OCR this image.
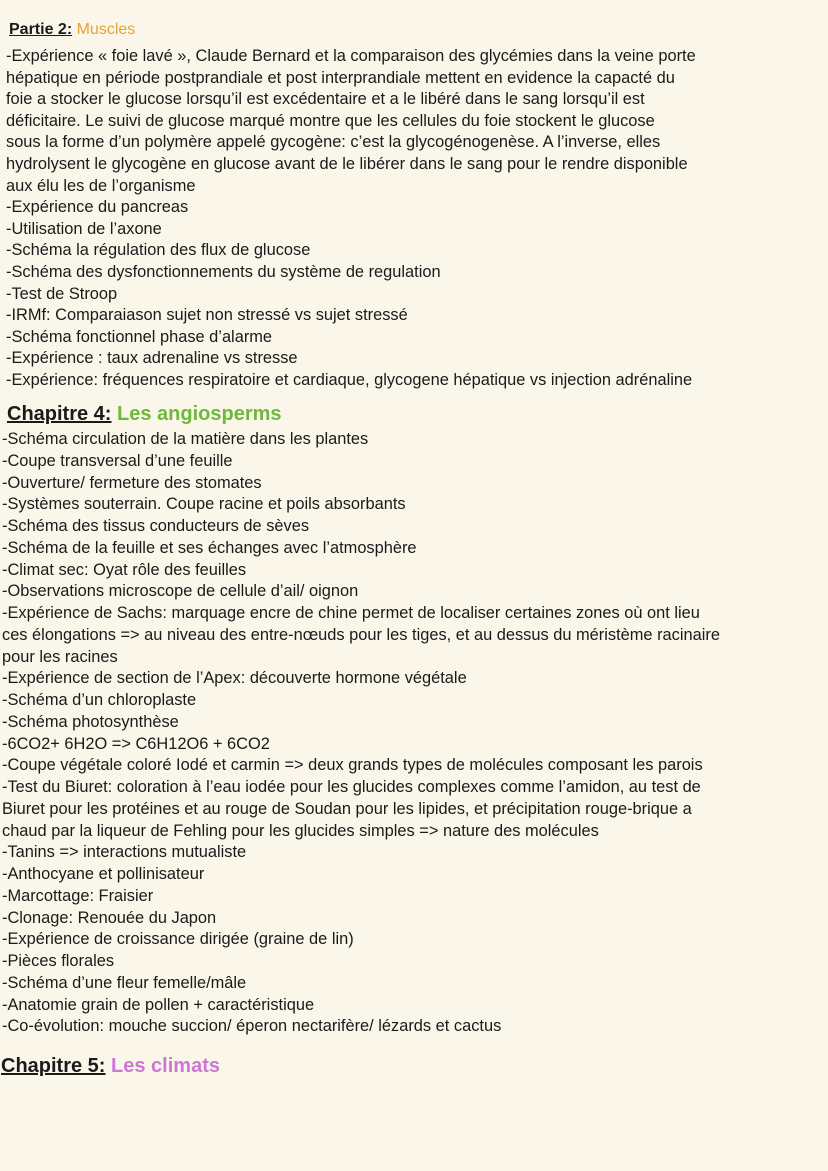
Partie 2: Muscles
-Expérience « foie lavé », Claude Bernard et la comparaison des glycémies dans la veine porte
hépatique en période postprandiale et post interprandiale mettent en evidence la capacté du
foie a stocker le glucose lorsqu’il est excédentaire et a le libéré dans le sang lorsqu’il est
déficitaire. Le suivi de glucose marqué montre que les cellules du foie stockent le glucose
sous la forme d’un polymère appelé gycogène: c’est la glycogénogenèse. A l’inverse, elles
hydrolysent le glycogène en glucose avant de le libérer dans le sang pour le rendre disponible
aux élu les de l’organisme
-Expérience du pancreas
-Utilisation de l’axone
-Schéma la régulation des flux de glucose
-Schéma des dysfonctionnements du système de regulation
-Test de Stroop
-IRMf: Comparaiason sujet non stressé vs sujet stressé
-Schéma fonctionnel phase d’alarme
-Expérience : taux adrenaline vs stresse
-Expérience: fréquences respiratoire et cardiaque, glycogene hépatique vs injection adrénaline
Chapitre 4: Les angiosperms
-Schéma circulation de la matière dans les plantes
-Coupe transversal d’une feuille
-Ouverture/ fermeture des stomates
-Systèmes souterrain. Coupe racine et poils absorbants
-Schéma des tissus conducteurs de sèves
-Schéma de la feuille et ses échanges avec l’atmosphère
-Climat sec: Oyat rôle des feuilles
-Observations microscope de cellule d’ail/ oignon
-Expérience de Sachs: marquage encre de chine permet de localiser certaines zones où ont lieu
ces élongations => au niveau des entre-nœuds pour les tiges, et au dessus du méristème racinaire
pour les racines
-Expérience de section de l’Apex: découverte hormone végétale
-Schéma d’un chloroplaste
-Schéma photosynthèse
-6CO2+ 6H2O => C6H12O6 + 6CO2
-Coupe végétale coloré Iodé et carmin => deux grands types de molécules composant les parois
-Test du Biuret: coloration à l’eau iodée pour les glucides complexes comme l’amidon, au test de
Biuret pour les protéines et au rouge de Soudan pour les lipides, et précipitation rouge-brique a
chaud par la liqueur de Fehling pour les glucides simples => nature des molécules
-Tanins => interactions mutualiste
-Anthocyane et pollinisateur
-Marcottage: Fraisier
-Clonage: Renouée du Japon
-Expérience de croissance dirigée (graine de lin)
-Pièces florales
-Schéma d’une fleur femelle/mâle
-Anatomie grain de pollen + caractéristique
-Co-évolution: mouche succion/ éperon nectarifère/ lézards et cactus
Chapitre 5: Les climats
